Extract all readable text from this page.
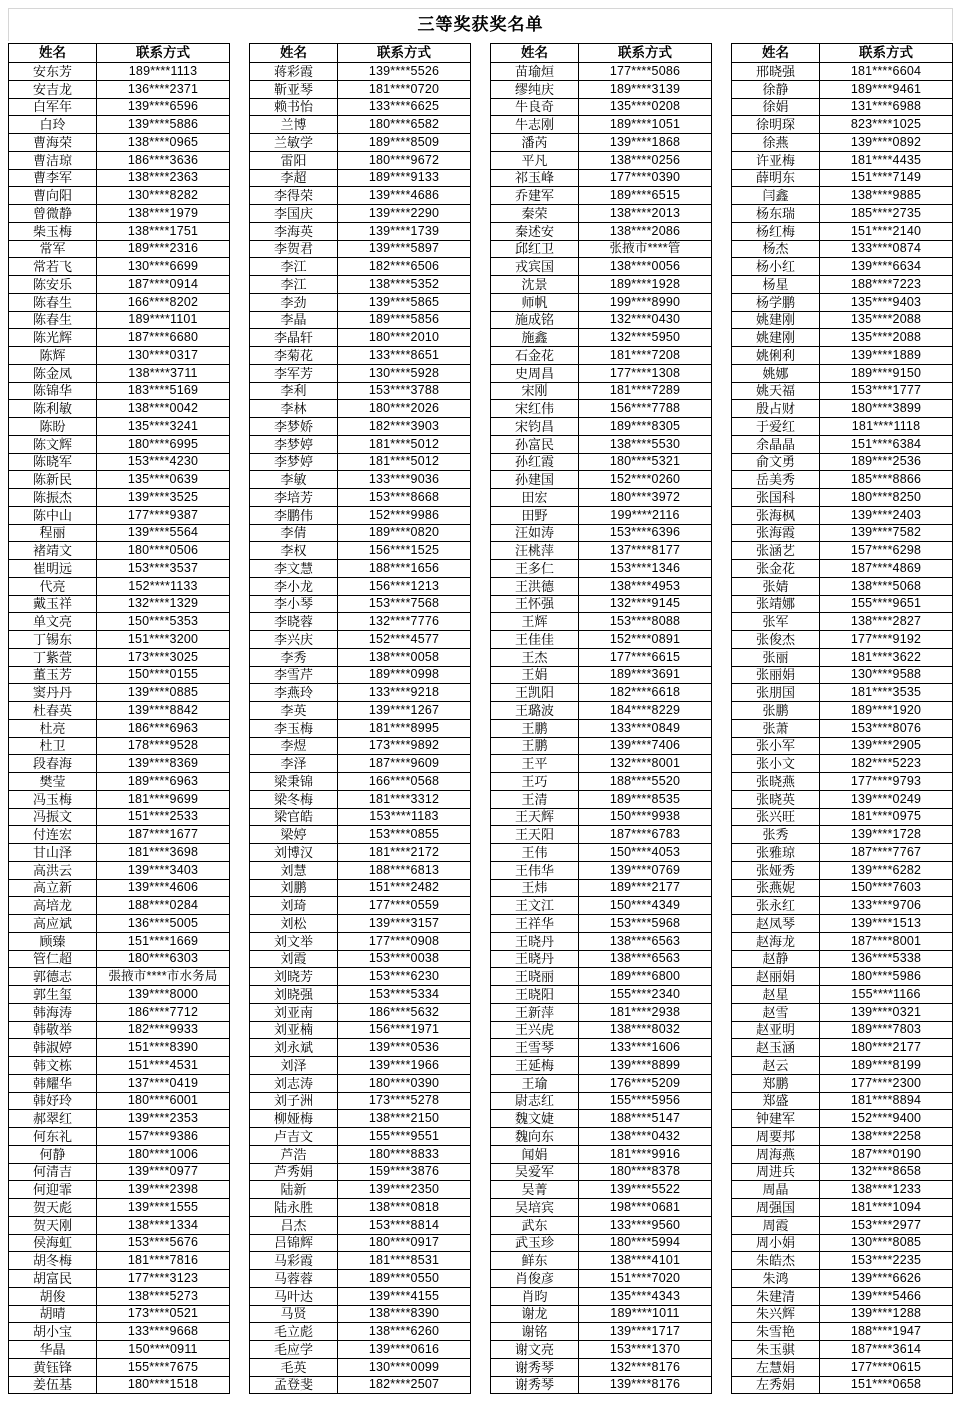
三等奖获奖名单
姓名	联系方式
安东芳	189****1113
安吉龙	136****2371
白军年	139****6596
白玲	139****5886
曹海荣	138****0965
曹洁琼	186****3636
曹李军	138****2363
曹向阳	130****8282
曾微静	138****1979
柴玉梅	138****1751
常军	189****2316
常若飞	130****6699
陈安乐	187****0914
陈春生	166****8202
陈春生	189****1101
陈光辉	187****6680
陈辉	130****0317
陈金凤	138****3711
陈锦华	183****5169
陈利敏	138****0042
陈盼	135****3241
陈文辉	180****6995
陈晓军	153****4230
陈新民	135****0639
陈振杰	139****3525
陈中山	177****9387
程丽	139****5564
褚靖文	180****0506
崔明远	153****3537
代亮	152****1133
戴玉祥	132****1329
单文亮	150****5353
丁锡东	151****3200
丁紫萱	173****3025
董玉芳	150****0155
窦丹丹	139****0885
杜春英	139****8842
杜亮	186****6963
杜卫	178****9528
段春海	139****8369
樊莹	189****6963
冯玉梅	181****9699
冯振文	151****2533
付连宏	187****1677
甘山泽	181****3698
高洪云	139****3403
高立新	139****4606
高培龙	188****0284
高应斌	136****5005
顾臻	151****1669
管仁超	180****6303
郭德志	張掖市****市水务局
郭生玺	139****8000
韩海涛	186****7712
韩敬举	182****9933
韩淑婷	151****8390
韩文栋	151****4531
韩耀华	137****0419
韩妤玲	180****6001
郝翠红	139****2353
何东礼	157****9386
何静	180****1006
何清吉	139****0977
何迎霏	139****2398
贺天彪	139****1555
贺天刚	138****1334
侯海虹	153****5676
胡冬梅	181****7816
胡富民	177****3123
胡俊	138****5273
胡晴	173****0521
胡小宝	133****9668
华晶	150****0911
黄钰锋	155****7675
姜伍基	180****1518
姓名	联系方式
蒋彩霞	139****5526
靳亚琴	181****0720
赖书怡	133****6625
兰博	180****6582
兰敏学	189****8509
雷阳	180****9672
李超	189****9133
李得荣	139****4686
李国庆	139****2290
李海英	139****1739
李贺君	139****5897
李江	182****6506
李江	138****5352
李劲	139****5865
李晶	189****5856
李晶轩	180****2010
李菊花	133****8651
李军芳	130****5928
李利	153****3788
李林	180****2026
李梦娇	182****3903
李梦婷	181****5012
李梦婷	181****5012
李敏	133****9036
李培芳	153****8668
李鹏伟	152****9986
李倩	189****0820
李权	156****1525
李文慧	188****1656
李小龙	156****1213
李小琴	153****7568
李晓蓉	132****7776
李兴庆	152****4577
李秀	138****0058
李雪芹	189****0998
李燕玲	133****9218
李英	139****1267
李玉梅	181****8995
李煜	173****9892
李泽	187****9609
梁秉锦	166****0568
梁冬梅	181****3312
梁官皓	153****1183
梁婷	153****0855
刘博汉	181****2172
刘慧	188****6813
刘鹏	151****2482
刘琦	177****0559
刘松	139****3157
刘文举	177****0908
刘霞	153****0038
刘晓芳	153****6230
刘晓强	153****5334
刘亚南	186****5632
刘亚楠	156****1971
刘永斌	139****0536
刘泽	139****1966
刘志涛	180****0390
刘子洲	173****5278
柳娅梅	138****2150
卢吉文	155****9551
芦浩	180****8833
芦秀娟	159****3876
陆新	139****2350
陆永胜	138****0818
吕杰	153****8814
吕锦辉	180****0917
马彩霞	181****8531
马蓉蓉	189****0550
马叶达	139****4155
马贤	138****8390
毛立彪	138****6260
毛应学	139****0616
毛英	130****0099
孟登斐	182****2507
姓名	联系方式
苗瑜烜	177****5086
缪纯庆	189****3139
牛良奇	135****0208
牛志刚	189****1051
潘芮	139****1868
平凡	138****0256
祁玉峰	177****0390
乔建军	189****6515
秦荣	138****2013
秦述安	138****2086
邱红卫	张掖市****管
戎宾国	138****0056
沈景	189****1928
师帆	199****8990
施成铭	132****0430
施鑫	132****5950
石金花	181****7208
史周昌	177****1308
宋刚	181****7289
宋红伟	156****7788
宋钧昌	189****8305
孙富民	138****5530
孙红霞	180****5321
孙建国	152****0260
田宏	180****3972
田野	199****2116
汪如涛	153****6396
汪桃萍	137****8177
王多仁	153****1346
王洪德	138****4953
王怀强	132****9145
王辉	153****8088
王佳佳	152****0891
王杰	177****6615
王娟	189****3691
王凯阳	182****6618
王璐波	184****8229
王鹏	133****0849
王鹏	139****7406
王平	132****8001
王巧	188****5520
王清	189****8535
王天辉	150****9938
王天阳	187****6783
王伟	150****4053
王伟华	139****0769
王炜	189****2177
王文江	150****4349
王祥华	153****5968
王晓丹	138****6563
王晓丹	138****6563
王晓丽	189****6800
王晓阳	155****2340
王新萍	181****2938
王兴虎	138****8032
王雪琴	133****1606
王延梅	139****8899
王瑜	176****5209
尉志红	155****5956
魏文婕	188****5147
魏向东	138****0432
闻娟	181****9916
吴爱军	180****8378
吴菁	139****5522
吴培宾	198****0681
武东	133****9560
武玉珍	180****5994
鲜东	138****4101
肖俊彦	151****7020
肖昀	135****4343
谢龙	189****1011
谢铭	139****1717
谢文亮	153****1370
谢秀琴	132****8176
谢秀琴	139****8176
姓名	联系方式
邢晓强	181****6604
徐静	189****9461
徐娟	131****6988
徐明琛	823****1025
徐燕	139****0892
许亚梅	181****4435
薛明东	151****7149
闫鑫	138****9885
杨东瑞	185****2735
杨红梅	151****2140
杨杰	133****0874
杨小红	139****6634
杨星	188****7223
杨学鹏	135****9403
姚建刚	135****2088
姚建刚	135****2088
姚俐利	139****1889
姚娜	189****9150
姚天福	153****1777
殷占财	180****3899
于爱红	181****1118
余晶晶	151****6384
俞文勇	189****2536
岳美秀	185****8866
张国科	180****8250
张海枫	139****2403
张海霞	139****7582
张涵艺	157****6298
张金花	187****4869
张婧	138****5068
张靖娜	155****9651
张军	138****2827
张俊杰	177****9192
张丽	181****3622
张丽娟	130****9588
张朋国	181****3535
张鹏	189****1920
张萧	153****8076
张小军	139****2905
张小文	182****5223
张晓燕	177****9793
张晓英	139****0249
张兴旺	181****0975
张秀	139****1728
张雅琼	187****7767
张娅秀	139****6282
张燕妮	150****7603
张永红	133****9706
赵凤琴	139****1513
赵海龙	187****8001
赵静	136****5338
赵丽娟	180****5986
赵星	155****1166
赵雪	139****0321
赵亚明	189****7803
赵玉涵	180****2177
赵云	189****8199
郑鹏	177****2300
郑盛	181****8894
钟建军	152****9400
周要邦	138****2258
周海燕	187****0190
周进兵	132****8658
周晶	138****1233
周强国	181****1094
周霞	153****2977
周小娟	130****8085
朱皓杰	153****2235
朱鸿	139****6626
朱建清	139****5466
朱兴辉	139****1288
朱雪艳	188****1947
朱玉骐	187****3614
左慧娟	177****0615
左秀娟	151****0658
